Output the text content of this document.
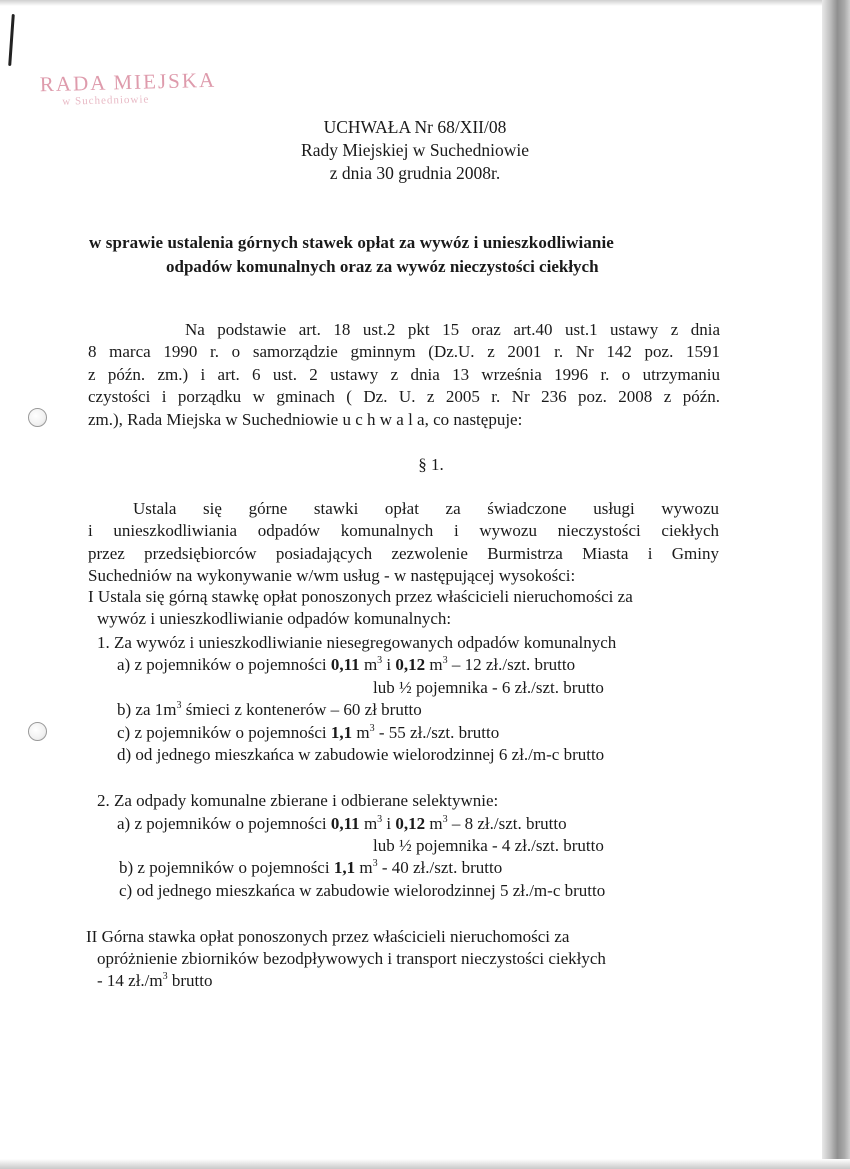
RADA MIEJSKA
w Suchedniowie
UCHWAŁA Nr 68/XII/08
Rady Miejskiej w Suchedniowie
z dnia 30 grudnia 2008r.
w sprawie ustalenia górnych stawek opłat za wywóz i unieszkodliwianie
odpadów komunalnych oraz za wywóz nieczystości ciekłych
Na podstawie art. 18 ust.2 pkt 15 oraz art.40 ust.1 ustawy z dnia
8 marca 1990 r. o samorządzie gminnym (Dz.U. z 2001 r. Nr 142 poz. 1591
z późn. zm.) i art. 6 ust. 2 ustawy z dnia 13 września 1996 r. o utrzymaniu
czystości i porządku w gminach ( Dz. U. z 2005 r. Nr 236 poz. 2008 z późn.
zm.), Rada Miejska w Suchedniowie u c h w a l a, co następuje:
§ 1.
Ustala się górne stawki opłat za świadczone usługi wywozu
i unieszkodliwiania odpadów komunalnych i wywozu nieczystości ciekłych
przez przedsiębiorców posiadających zezwolenie Burmistrza Miasta i Gminy
Suchedniów na wykonywanie w/wm usług - w następującej wysokości:
I Ustala się górną stawkę opłat ponoszonych przez właścicieli nieruchomości za
wywóz i unieszkodliwianie odpadów komunalnych:
1. Za wywóz i unieszkodliwianie niesegregowanych odpadów komunalnych
a) z pojemników o pojemności 0,11 $m^3$ i 0,12 $m^3 - 12$ zł./szt. brutto
lub ½ pojemnika - 6 zł./szt. brutto
b) za $1m^3$ śmieci z kontenerów – 60 zł brutto
c) z pojemników o pojemności 1,1 $m^3 - 55$ zł./szt. brutto
d) od jednego mieszkańca w zabudowie wielorodzinnej 6 zł./m-c brutto
2. Za odpady komunalne zbierane i odbierane selektywnie:
a) z pojemników o pojemności 0,11 $m^3$ i 0,12 $m^3 - 8$ zł./szt. brutto
lub ½ pojemnika - 4 zł./szt. brutto
b) z pojemników o pojemności 1,1 $m^3 - 40$ zł./szt. brutto
c) od jednego mieszkańca w zabudowie wielorodzinnej 5 zł./m-c brutto
II Górna stawka opłat ponoszonych przez właścicieli nieruchomości za
opróżnienie zbiorników bezodpływowych i transport nieczystości ciekłych
- 14 $zł./m^3$ brutto
